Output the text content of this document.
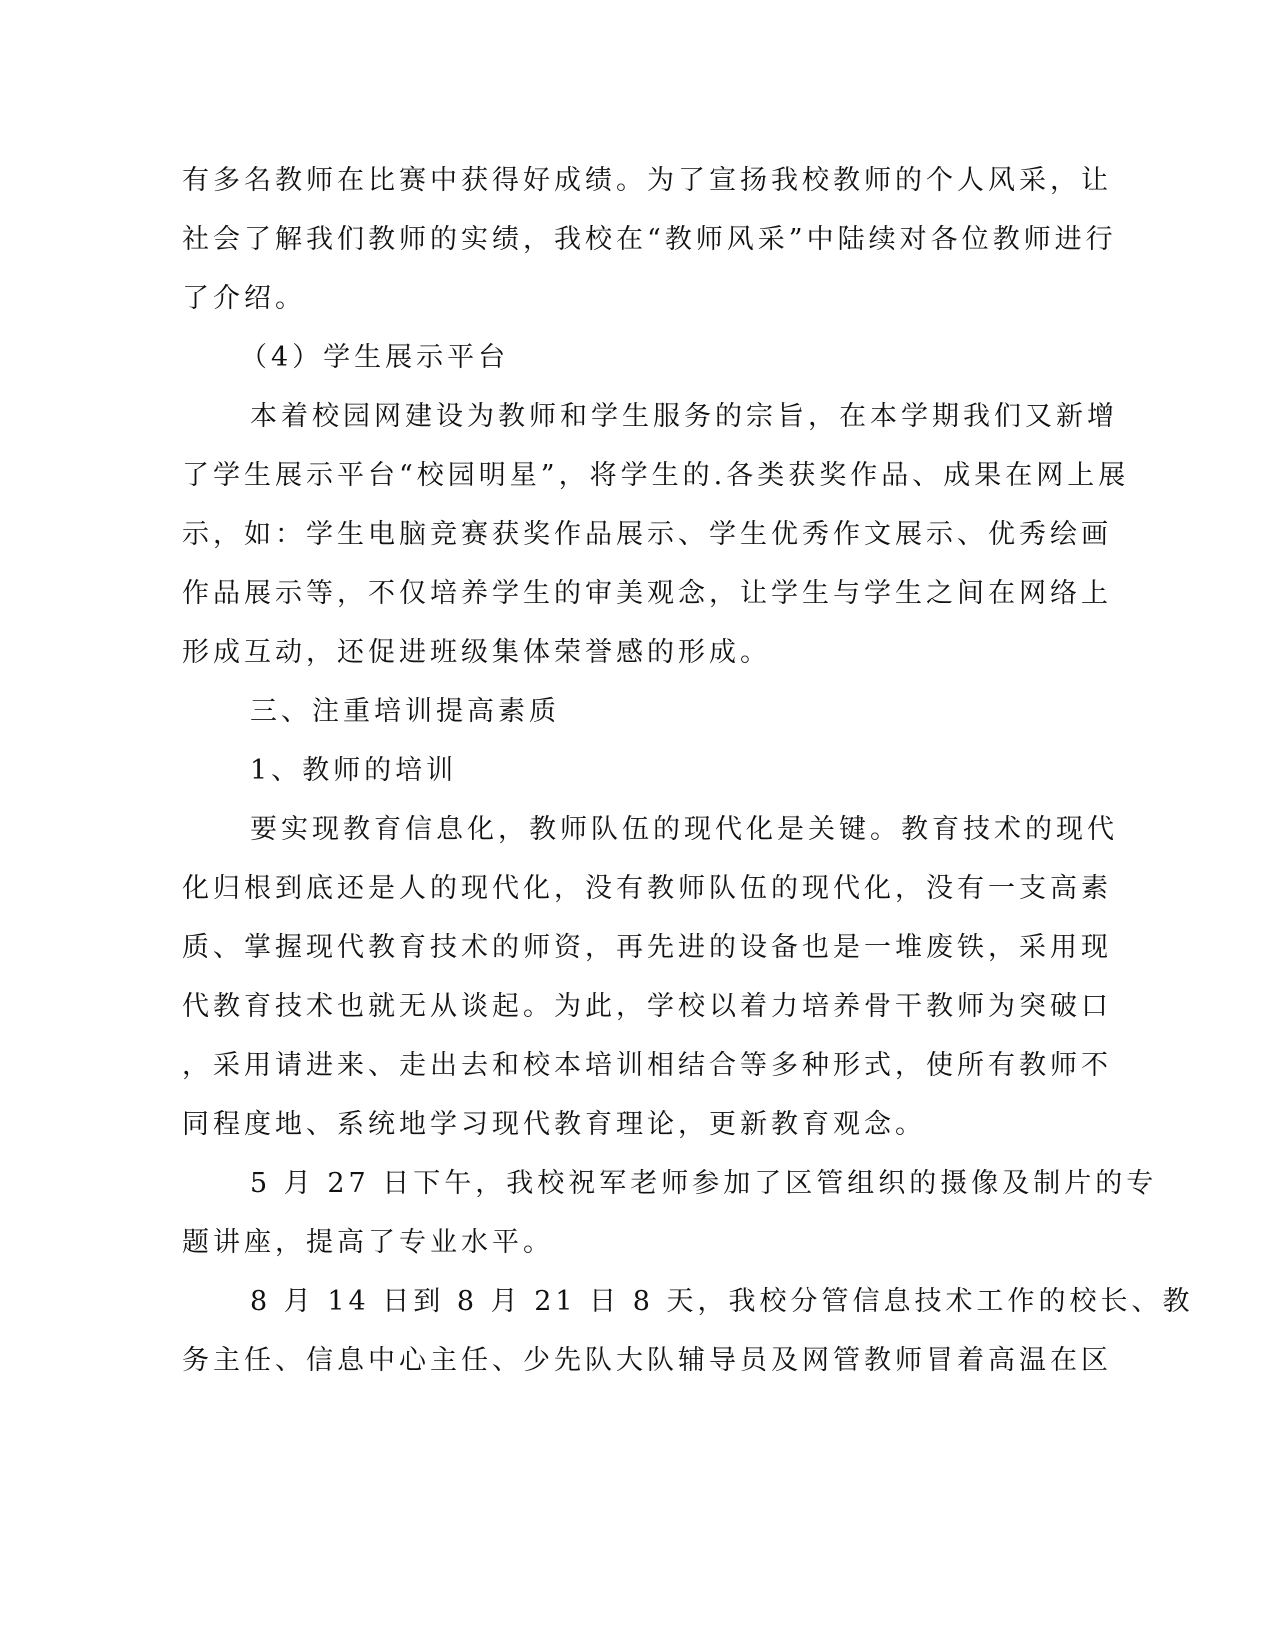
有多名教师在比赛中获得好成绩。为了宣扬我校教师的个人风采，让
社会了解我们教师的实绩，我校在“教师风采”中陆续对各位教师进行
了介绍。
（4）学生展示平台
本着校园网建设为教师和学生服务的宗旨，在本学期我们又新增
了学生展示平台“校园明星”，将学生的.各类获奖作品、成果在网上展
示，如：学生电脑竞赛获奖作品展示、学生优秀作文展示、优秀绘画
作品展示等，不仅培养学生的审美观念，让学生与学生之间在网络上
形成互动，还促进班级集体荣誉感的形成。
三、注重培训提高素质
1、教师的培训
要实现教育信息化，教师队伍的现代化是关键。教育技术的现代
化归根到底还是人的现代化，没有教师队伍的现代化，没有一支高素
质、掌握现代教育技术的师资，再先进的设备也是一堆废铁，采用现
代教育技术也就无从谈起。为此，学校以着力培养骨干教师为突破口
，采用请进来、走出去和校本培训相结合等多种形式，使所有教师不
同程度地、系统地学习现代教育理论，更新教育观念。
5 月 27 日下午，我校祝军老师参加了区管组织的摄像及制片的专
题讲座，提高了专业水平。
8 月 14 日到 8 月 21 日 8 天，我校分管信息技术工作的校长、教
务主任、信息中心主任、少先队大队辅导员及网管教师冒着高温在区
